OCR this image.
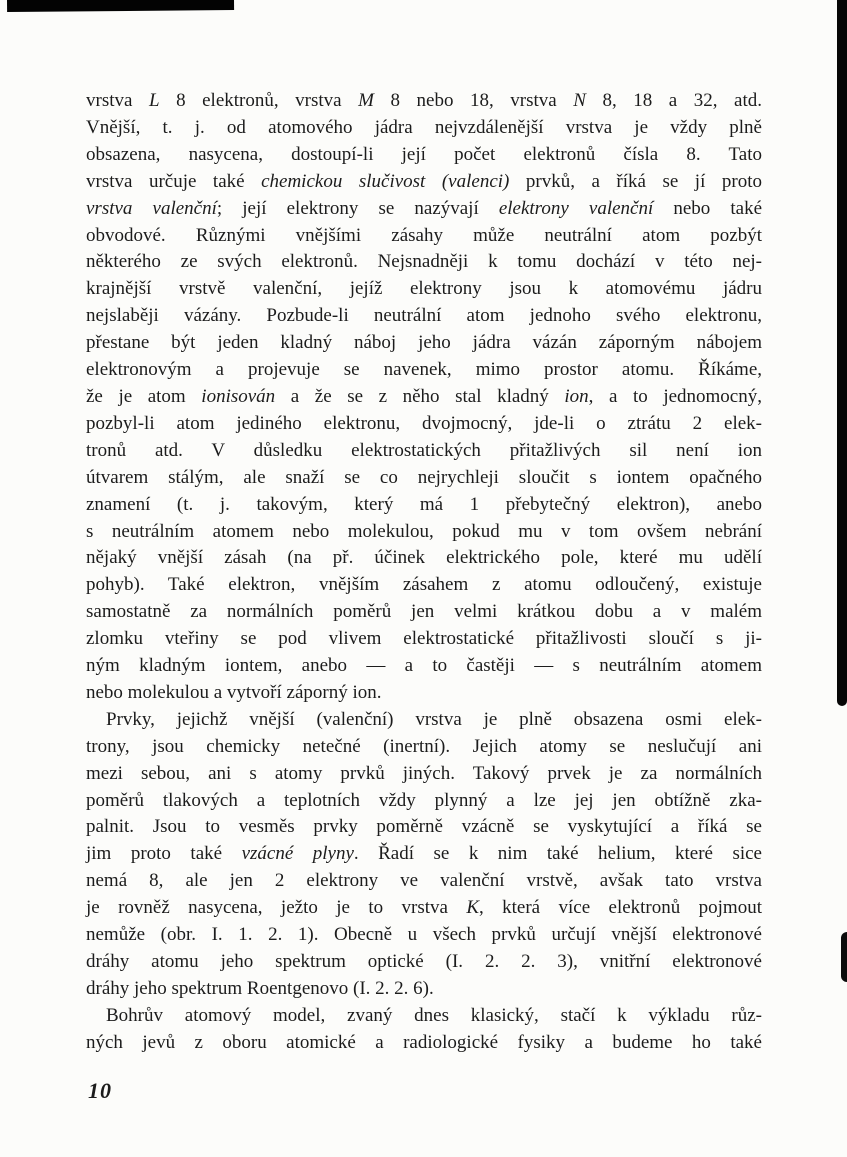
vrstva L 8 elektronů, vrstva M 8 nebo 18, vrstva N 8, 18 a 32, atd.
Vnější, t. j. od atomového jádra nejvzdálenější vrstva je vždy plně
obsazena, nasycena, dostoupí-li její počet elektronů čísla 8. Tato
vrstva určuje také chemickou slučivost (valenci) prvků, a říká se jí proto
vrstva valenční; její elektrony se nazývají elektrony valenční nebo také
obvodové. Různými vnějšími zásahy může neutrální atom pozbýt
některého ze svých elektronů. Nejsnadněji k tomu dochází v této nej-
krajnější vrstvě valenční, jejíž elektrony jsou k atomovému jádru
nejslaběji vázány. Pozbude-li neutrální atom jednoho svého elektronu,
přestane být jeden kladný náboj jeho jádra vázán záporným nábojem
elektronovým a projevuje se navenek, mimo prostor atomu. Říkáme,
že je atom ionisován a že se z něho stal kladný ion, a to jednomocný,
pozbyl-li atom jediného elektronu, dvojmocný, jde-li o ztrátu 2 elek-
tronů atd. V důsledku elektrostatických přitažlivých sil není ion
útvarem stálým, ale snaží se co nejrychleji sloučit s iontem opačného
znamení (t. j. takovým, který má 1 přebytečný elektron), anebo
s neutrálním atomem nebo molekulou, pokud mu v tom ovšem nebrání
nějaký vnější zásah (na př. účinek elektrického pole, které mu udělí
pohyb). Také elektron, vnějším zásahem z atomu odloučený, existuje
samostatně za normálních poměrů jen velmi krátkou dobu a v malém
zlomku vteřiny se pod vlivem elektrostatické přitažlivosti sloučí s ji-
ným kladným iontem, anebo — a to častěji — s neutrálním atomem
nebo molekulou a vytvoří záporný ion.
Prvky, jejichž vnější (valenční) vrstva je plně obsazena osmi elek-
trony, jsou chemicky netečné (inertní). Jejich atomy se neslučují ani
mezi sebou, ani s atomy prvků jiných. Takový prvek je za normálních
poměrů tlakových a teplotních vždy plynný a lze jej jen obtížně zka-
palnit. Jsou to vesměs prvky poměrně vzácně se vyskytující a říká se
jim proto také vzácné plyny. Řadí se k nim také helium, které sice
nemá 8, ale jen 2 elektrony ve valenční vrstvě, avšak tato vrstva
je rovněž nasycena, ježto je to vrstva K, která více elektronů pojmout
nemůže (obr. I. 1. 2. 1). Obecně u všech prvků určují vnější elektronové
dráhy atomu jeho spektrum optické (I. 2. 2. 3), vnitřní elektronové
dráhy jeho spektrum Roentgenovo (I. 2. 2. 6).
Bohrův atomový model, zvaný dnes klasický, stačí k výkladu růz-
ných jevů z oboru atomické a radiologické fysiky a budeme ho také
10
